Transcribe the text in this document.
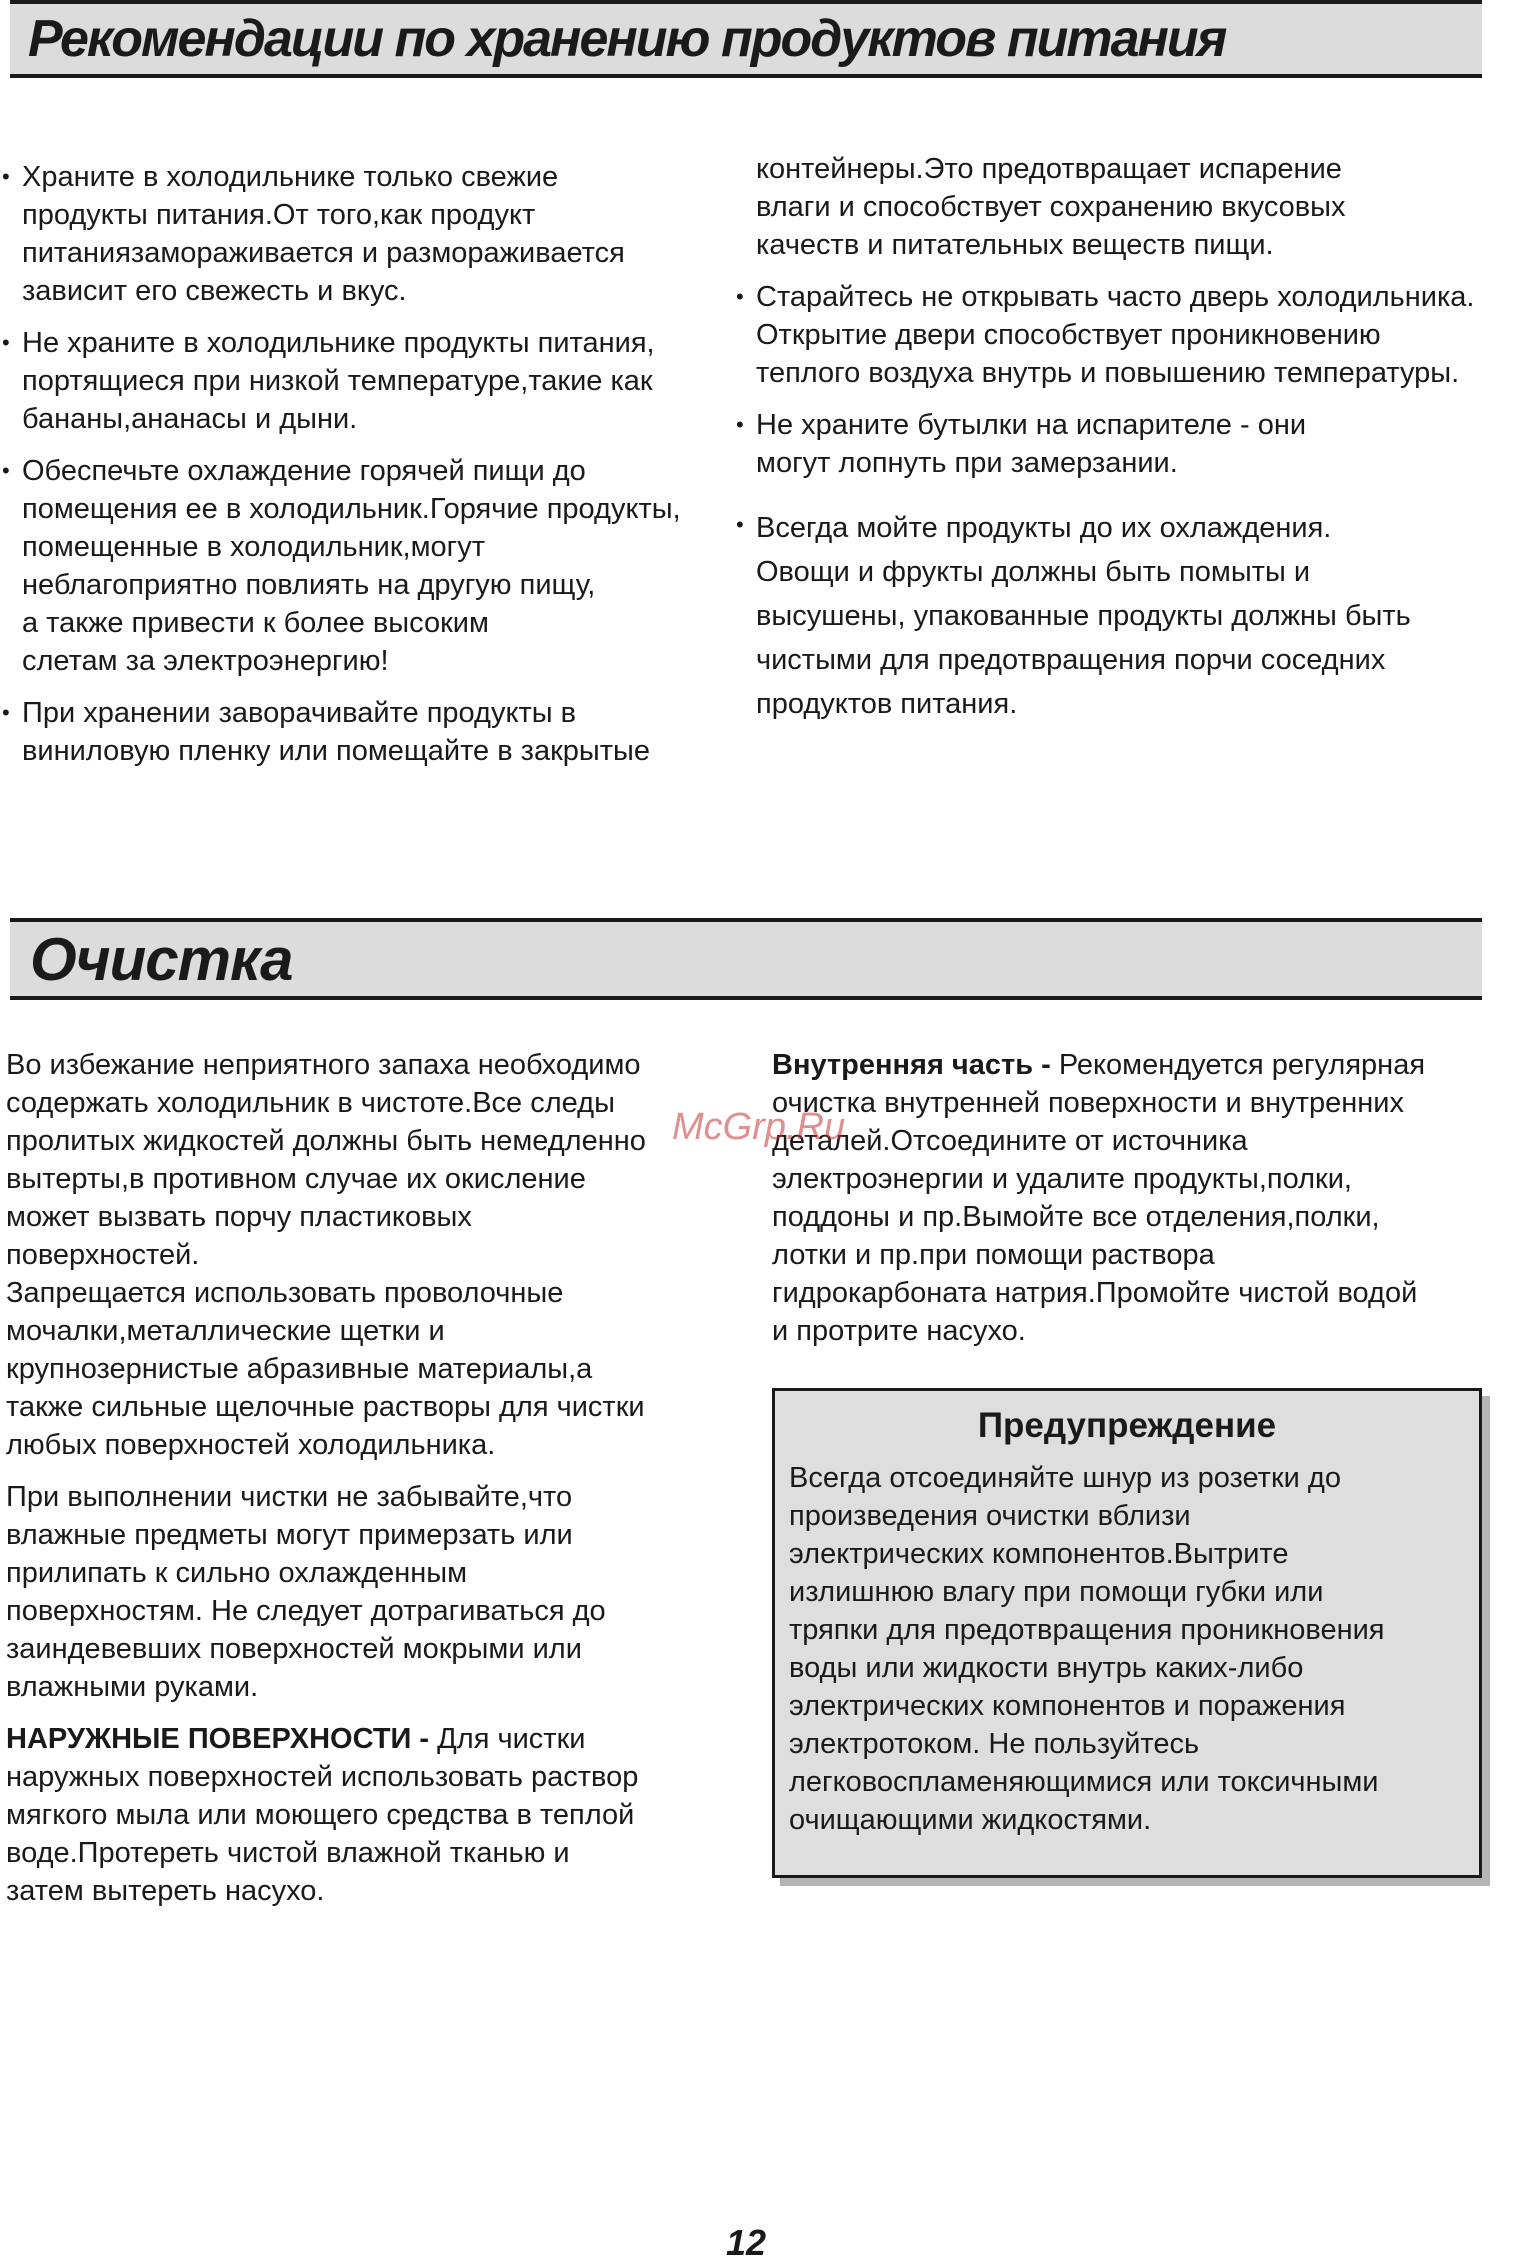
Рекомендации по хранению продуктов питания
• Храните в холодильнике только свежие
продукты питания.От того,как продукт
питаниязамораживается и размораживается
зависит его свежесть и вкус.
• Не храните в холодильнике продукты питания,
портящиеся при низкой температуре,такие как
бананы,ананасы и дыни.
• Обеспечьте охлаждение горячей пищи до
помещения ее в холодильник.Горячие продукты,
помещенные в холодильник,могут
неблагоприятно повлиять на другую пищу,
а также привести к более высоким
слетам за электроэнергию!
• При хранении заворачивайте продукты в
виниловую пленку или помещайте в закрытые
контейнеры.Это предотвращает испарение
влаги и способствует сохранению вкусовых
качеств и питательных веществ пищи.
• Старайтесь не открывать часто дверь холодильника.
Открытие двери способствует проникновению
теплого воздуха внутрь и повышению температуры.
• Не храните бутылки на испарителе - они
могут лопнуть при замерзании.
• Всегда мойте продукты до их охлаждения.
Овощи и фрукты должны быть помыты и
высушены, упакованные продукты должны быть
чистыми для предотвращения порчи соседних
продуктов питания.
Очистка

Во избежание неприятного запаха необходимо
содержать холодильник в чистоте.Все следы
пролитых жидкостей должны быть немедленно
вытерты,в противном случае их окисление
может вызвать порчу пластиковых
поверхностей.

Запрещается использовать проволочные
мочалки,металлические щетки и
крупнозернистые абразивные материалы,а
также сильные щелочные растворы для чистки
любых поверхностей холодильника.

При выполнении чистки не забывайте,что
влажные предметы могут примерзать или
прилипать к сильно охлажденным
поверхностям. Не следует дотрагиваться до
заиндевевших поверхностей мокрыми или
влажными руками.

НАРУЖНЫЕ ПОВЕРХНОСТИ - Для чистки
наружных поверхностей использовать раствор
мягкого мыла или моющего средства в теплой
воде.Протереть чистой влажной тканью и
затем вытереть насухо.

Внутренняя часть - Рекомендуется регулярная
очистка внутренней поверхности и внутренних
деталей.Отсоедините от источника
электроэнергии и удалите продукты,полки,
поддоны и пр.Вымойте все отделения,полки,
лотки и пр.при помощи раствора
гидрокарбоната натрия.Промойте чистой водой
и протрите насухо.

Предупреждение

Всегда отсоединяйте шнур из розетки до
произведения очистки вблизи
электрических компонентов.Вытрите
излишнюю влагу при помощи губки или
тряпки для предотвращения проникновения
воды или жидкости внутрь каких-либо
электрических компонентов и поражения
электротоком. Не пользуйтесь
легковоспламеняющимися или токсичными
очищающими жидкостями.

McGrp.Ru
12
